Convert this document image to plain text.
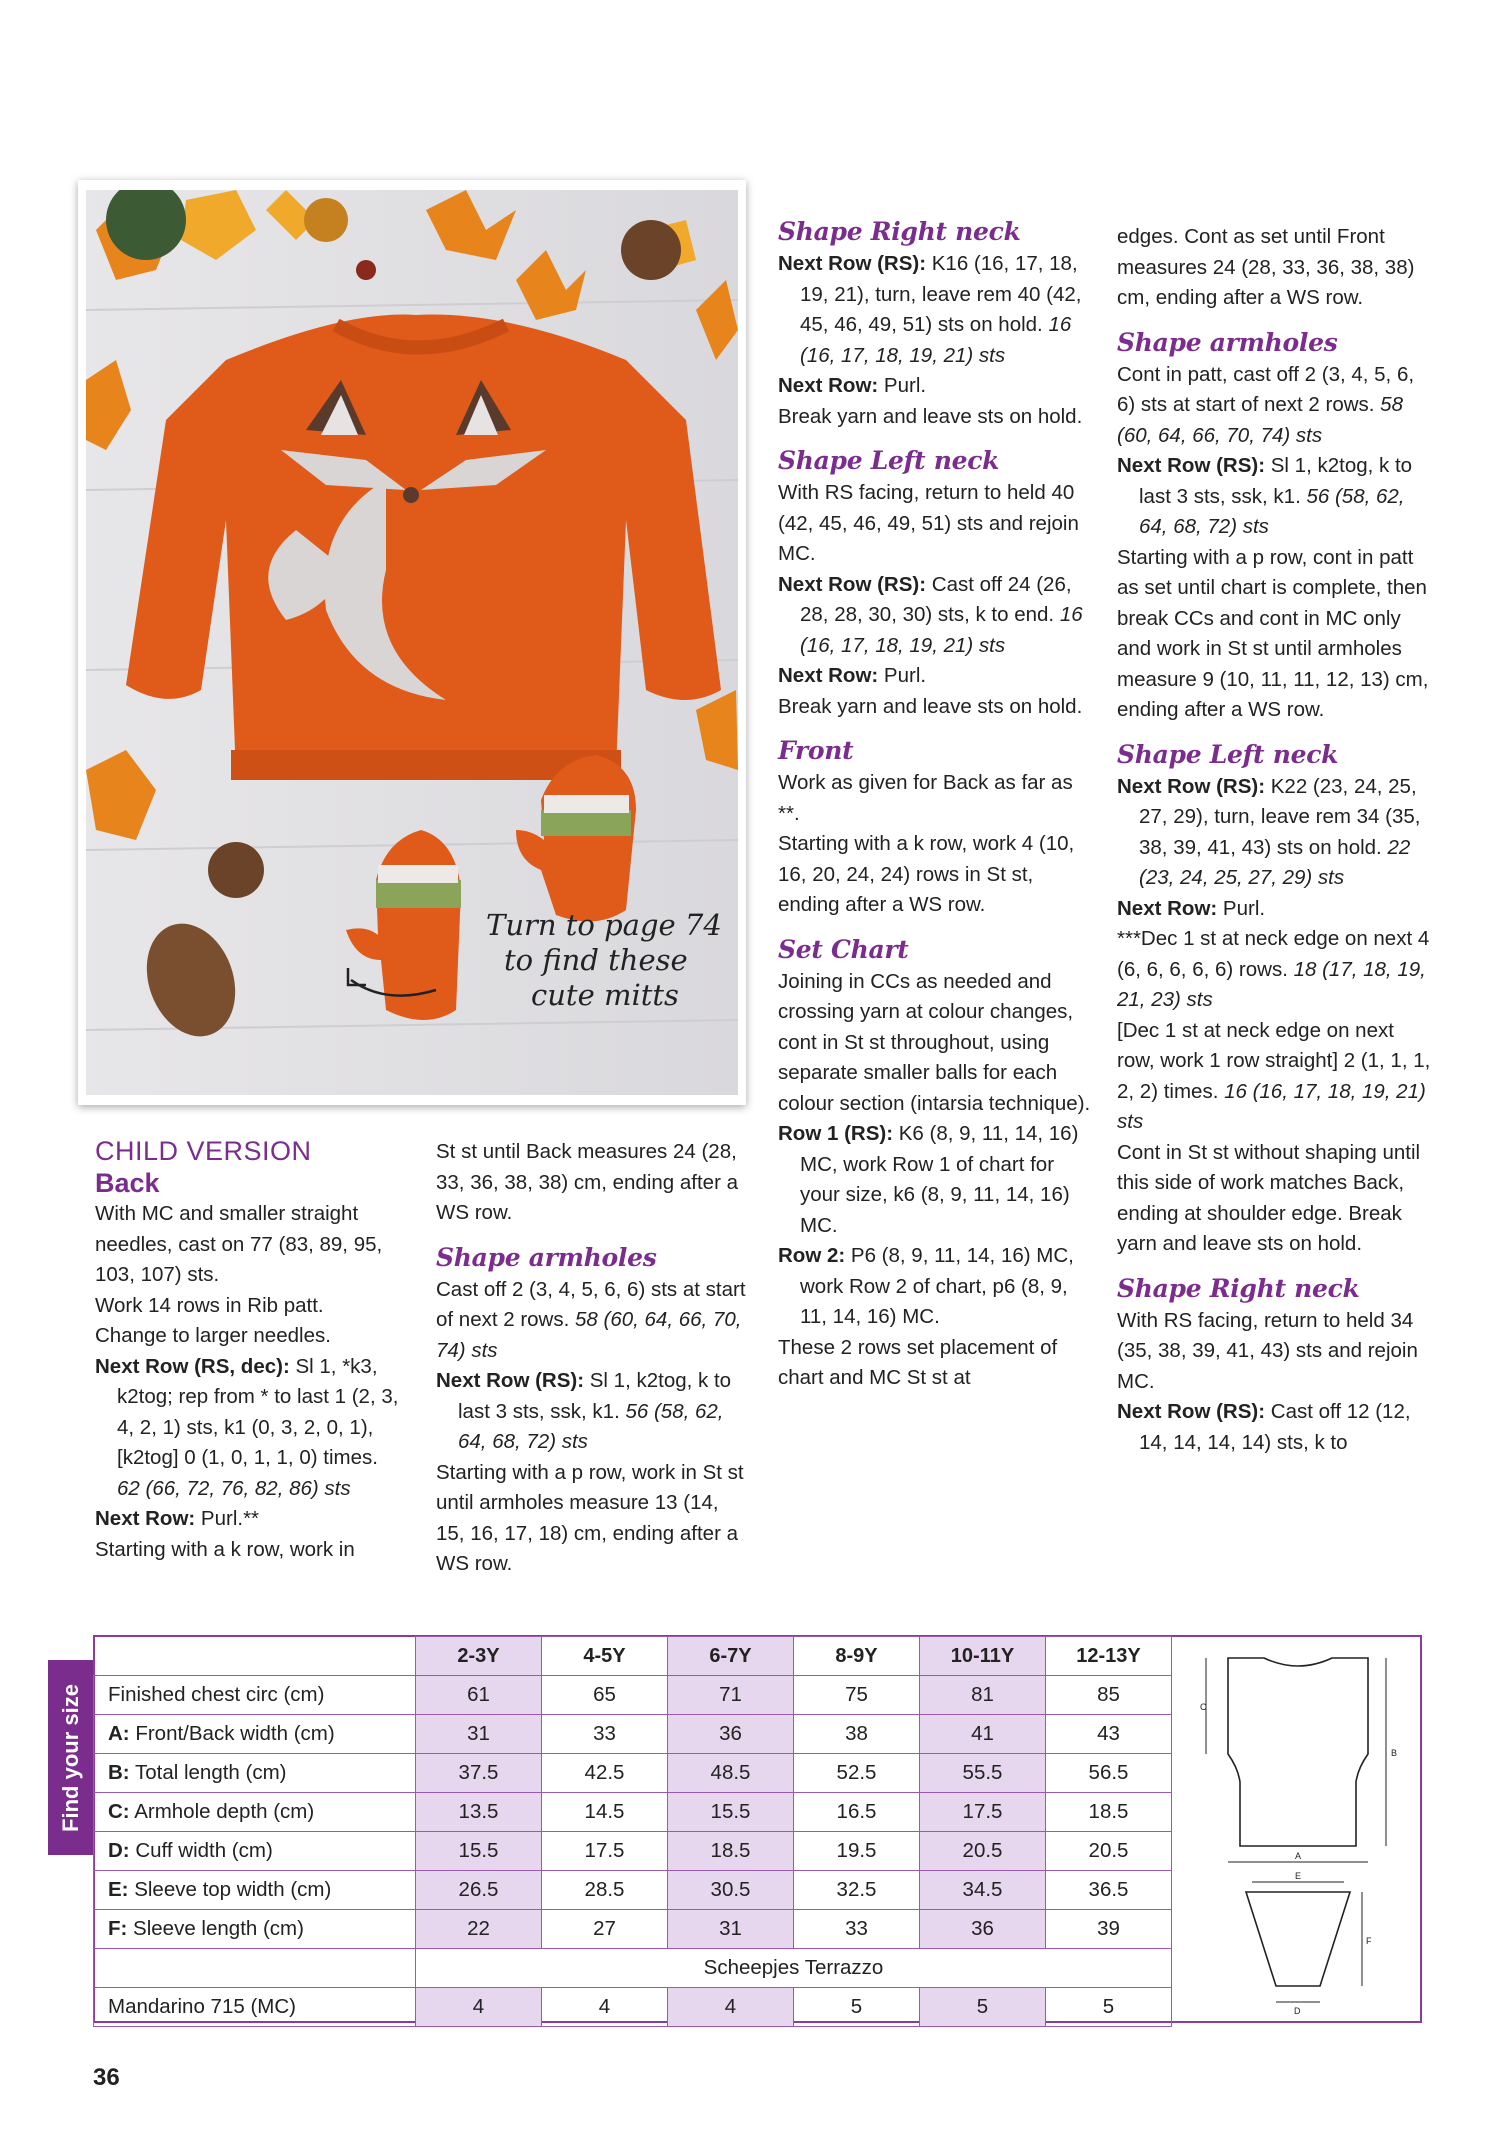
Turn to page 74
to find these
cute mitts

CHILD VERSION

Back

With MC and smaller straight needles, cast on 77 (83, 89, 95, 103, 107) sts.

Work 14 rows in Rib patt.

Change to larger needles.

Next Row (RS, dec): Sl 1, *k3, k2tog; rep from * to last 1 (2, 3, 4, 2, 1) sts, k1 (0, 3, 2, 0, 1), [k2tog] 0 (1, 0, 1, 1, 0) times. 62 (66, 72, 76, 82, 86) sts

Next Row: Purl.**

Starting with a k row, work in

St st until Back measures 24 (28, 33, 36, 38, 38) cm, ending after a WS row.

Shape armholes

Cast off 2 (3, 4, 5, 6, 6) sts at start of next 2 rows. 58 (60, 64, 66, 70, 74) sts

Next Row (RS): Sl 1, k2tog, k to last 3 sts, ssk, k1. 56 (58, 62, 64, 68, 72) sts

Starting with a p row, work in St st until armholes measure 13 (14, 15, 16, 17, 18) cm, ending after a WS row.

Shape Right neck

Next Row (RS): K16 (16, 17, 18, 19, 21), turn, leave rem 40 (42, 45, 46, 49, 51) sts on hold. 16 (16, 17, 18, 19, 21) sts

Next Row: Purl.

Break yarn and leave sts on hold.

Shape Left neck

With RS facing, return to held 40 (42, 45, 46, 49, 51) sts and rejoin MC.

Next Row (RS): Cast off 24 (26, 28, 28, 30, 30) sts, k to end. 16 (16, 17, 18, 19, 21) sts

Next Row: Purl.

Break yarn and leave sts on hold.

Front

Work as given for Back as far as **.

Starting with a k row, work 4 (10, 16, 20, 24, 24) rows in St st, ending after a WS row.

Set Chart

Joining in CCs as needed and crossing yarn at colour changes, cont in St st throughout, using separate smaller balls for each colour section (intarsia technique).

Row 1 (RS): K6 (8, 9, 11, 14, 16) MC, work Row 1 of chart for your size, k6 (8, 9, 11, 14, 16) MC.

Row 2: P6 (8, 9, 11, 14, 16) MC, work Row 2 of chart, p6 (8, 9, 11, 14, 16) MC.

These 2 rows set placement of chart and MC St st at

edges. Cont as set until Front measures 24 (28, 33, 36, 38, 38) cm, ending after a WS row.

Shape armholes

Cont in patt, cast off 2 (3, 4, 5, 6, 6) sts at start of next 2 rows. 58 (60, 64, 66, 70, 74) sts

Next Row (RS): Sl 1, k2tog, k to last 3 sts, ssk, k1. 56 (58, 62, 64, 68, 72) sts

Starting with a p row, cont in patt as set until chart is complete, then break CCs and cont in MC only and work in St st until armholes measure 9 (10, 11, 11, 12, 13) cm, ending after a WS row.

Shape Left neck

Next Row (RS): K22 (23, 24, 25, 27, 29), turn, leave rem 34 (35, 38, 39, 41, 43) sts on hold. 22 (23, 24, 25, 27, 29) sts

Next Row: Purl.

***Dec 1 st at neck edge on next 4 (6, 6, 6, 6, 6) rows. 18 (17, 18, 19, 21, 23) sts

[Dec 1 st at neck edge on next row, work 1 row straight] 2 (1, 1, 1, 2, 2) times. 16 (16, 17, 18, 19, 21) sts

Cont in St st without shaping until this side of work matches Back, ending at shoulder edge. Break yarn and leave sts on hold.

Shape Right neck

With RS facing, return to held 34 (35, 38, 39, 41, 43) sts and rejoin MC.

Next Row (RS): Cast off 12 (12, 14, 14, 14, 14) sts, k to

Find your size
	2-3Y	4-5Y	6-7Y	8-9Y	10-11Y	12-13Y
Finished chest circ (cm)	61	65	71	75	81	85
A: Front/Back width (cm)	31	33	36	38	41	43
B: Total length (cm)	37.5	42.5	48.5	52.5	55.5	56.5
C: Armhole depth (cm)	13.5	14.5	15.5	16.5	17.5	18.5
D: Cuff width (cm)	15.5	17.5	18.5	19.5	20.5	20.5
E: Sleeve top width (cm)	26.5	28.5	30.5	32.5	34.5	36.5
F: Sleeve length (cm)	22	27	31	33	36	39
	Scheepjes Terrazzo					
Mandarino 715 (MC)	4	4	4	5	5	5
C
B
A
E
F
D
36
